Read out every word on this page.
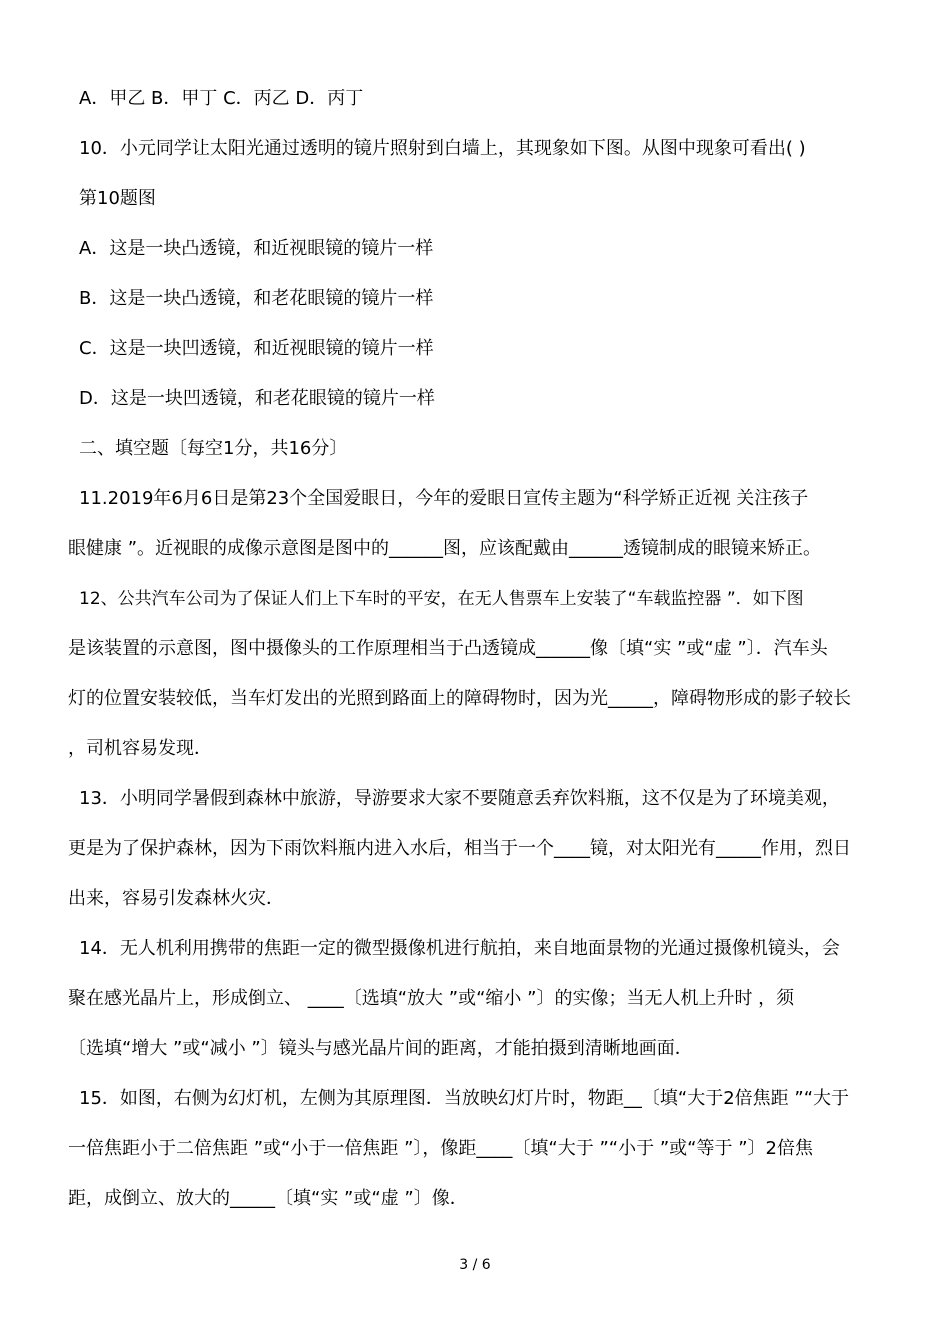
A．甲乙 B．甲丁 C．丙乙 D．丙丁

10．小元同学让太阳光通过透明的镜片照射到白墙上，其现象如下图。从图中现象可看出( )

第10题图

A．这是一块凸透镜，和近视眼镜的镜片一样

B．这是一块凸透镜，和老花眼镜的镜片一样

C．这是一块凹透镜，和近视眼镜的镜片一样

D．这是一块凹透镜，和老花眼镜的镜片一样

二、填空题〔每空1分，共16分〕

11.2019年6月6日是第23个全国爱眼日，今年的爱眼日宣传主题为“科学矫正近视 关注孩子

眼健康 ”。近视眼的成像示意图是图中的______图，应该配戴由______透镜制成的眼镜来矫正。

12、公共汽车公司为了保证人们上下车时的平安，在无人售票车上安装了“车载监控器 ”．如下图

是该装置的示意图，图中摄像头的工作原理相当于凸透镜成______像〔填“实 ”或“虚 ”〕．汽车头

灯的位置安装较低，当车灯发出的光照到路面上的障碍物时，因为光_____，障碍物形成的影子较长

，司机容易发现．

13．小明同学暑假到森林中旅游，导游要求大家不要随意丢弃饮料瓶，这不仅是为了环境美观，

更是为了保护森林，因为下雨饮料瓶内进入水后，相当于一个____镜，对太阳光有_____作用，烈日

出来，容易引发森林火灾．

14．无人机利用携带的焦距一定的微型摄像机进行航拍，来自地面景物的光通过摄像机镜头，会

聚在感光晶片上，形成倒立、 ____〔选填“放大 ”或“缩小 ”〕的实像；当无人机上升时 ，须

〔选填“增大 ”或“减小 ”〕镜头与感光晶片间的距离，才能拍摄到清晰地画面．

15．如图，右侧为幻灯机，左侧为其原理图．当放映幻灯片时，物距__〔填“大于2倍焦距 ”“大于

一倍焦距小于二倍焦距 ”或“小于一倍焦距 ”〕，像距____〔填“大于 ”“小于 ”或“等于 ”〕2倍焦

距，成倒立、放大的_____〔填“实 ”或“虚 ”〕像．

3 / 6
